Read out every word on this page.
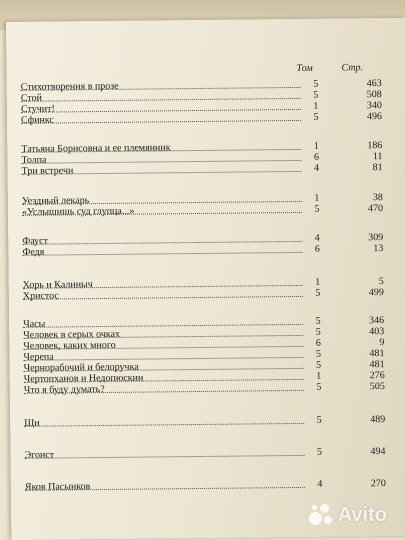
Том	Стр.
Стихотворения в прозе	5	463
Стой	5	508
Стучит!	1	340
Сфинкс	5	496
Татьяна Борисовна и ее племянник	1	186
Толпа	6	11
Три встречи	4	81
Уездный лекарь	1	38
«Услышишь суд глупца...»	5	470
Фауст	4	309
Федя	6	13
Хорь и Калиныч	1	5
Христос	5	499
Часы	5	346
Человек в серых очках	5	403
Человек, каких много	6	9
Черепа	5	481
Чернорабочий и белоручка	5	481
Чертопханов и Недопюскин	1	276
Что я буду думать?	5	505
Щи	5	489
Эгоист	5	494
Яков Пасынков	4	270
Avito
